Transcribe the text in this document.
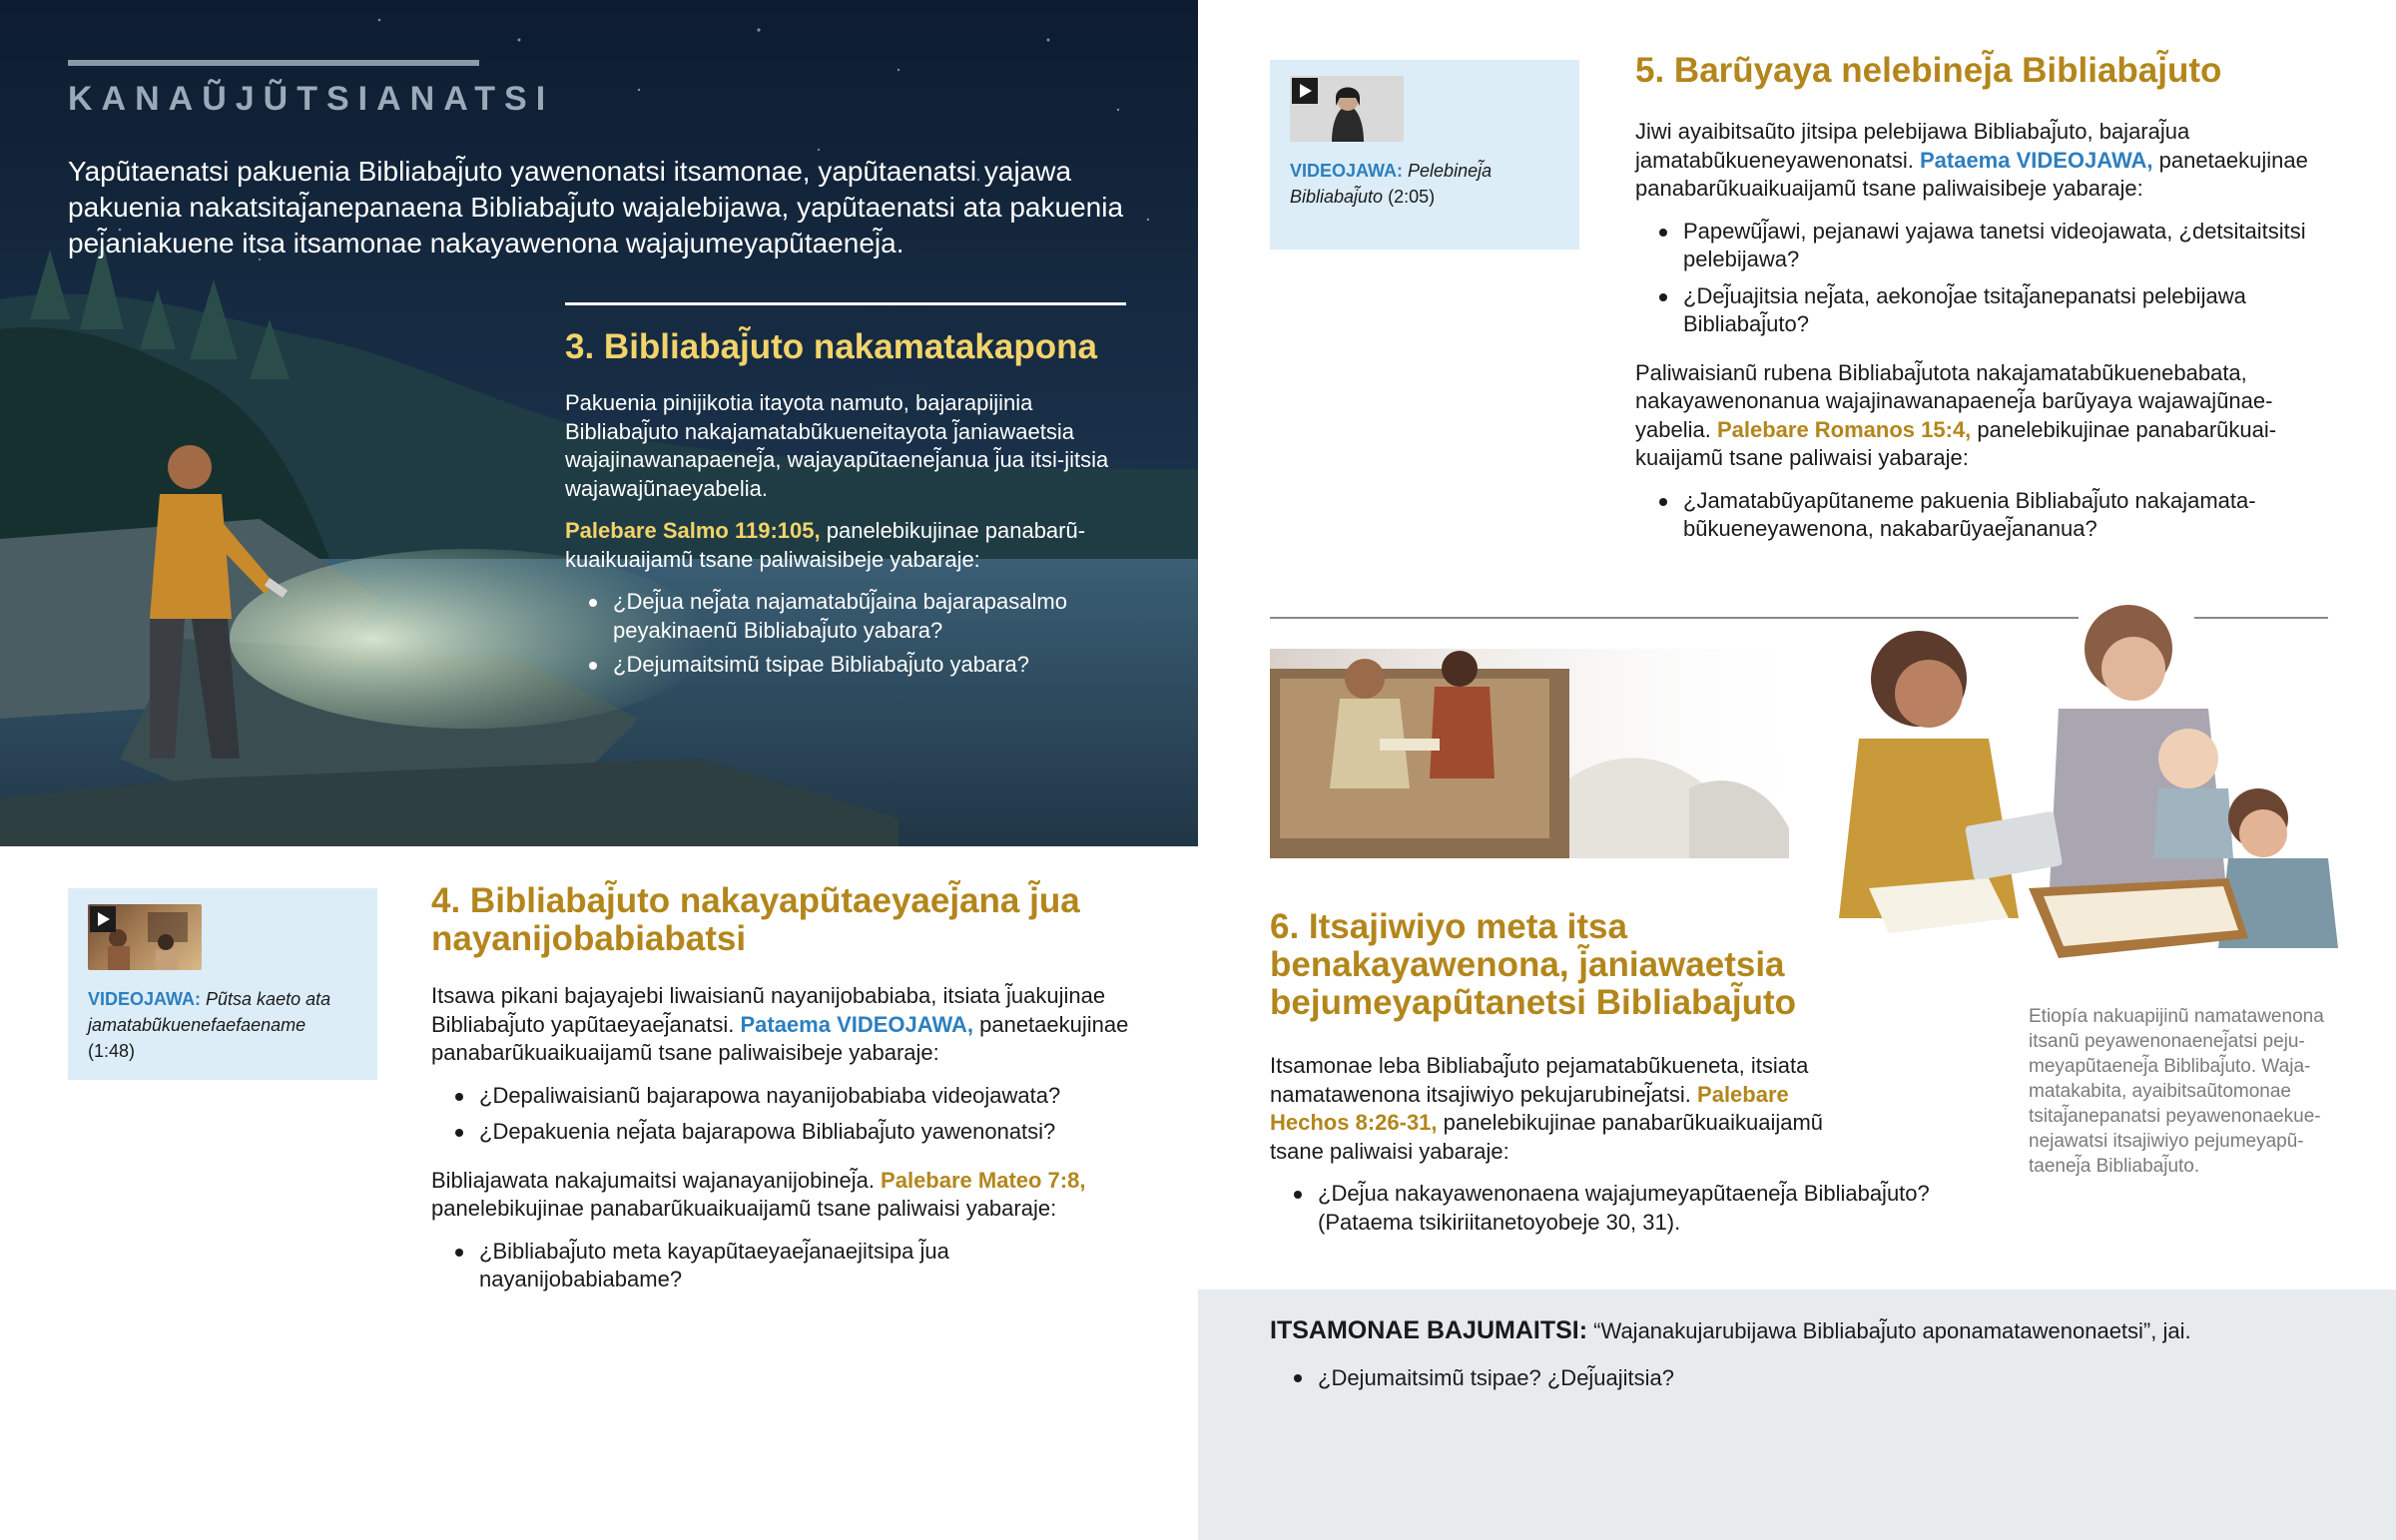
KANAŨJŨTSIANATSI

Yapũtaenatsi pakuenia Bibliabaj̃uto yawenonatsi itsamonae, yapũtaenatsi yajawa pakuenia nakatsitaj̃anepanaena Bibliabaj̃uto wajalebijawa, yapũtaenatsi ata pakuenia pej̃aniakuene itsa itsamonae nakayawenona wajajumeyapũtaenej̃a.

3. Bibliabaj̃uto nakamatakapona

Pakuenia pinijikotia itayota namuto, bajarapijinia Bibliabaj̃uto nakajamatabũkueneitayota j̃aniawaetsia wajajinawanapaenej̃a, wajayapũtaenej̃anua j̃ua itsi-jitsia wajawajũnaeyabelia.

Palebare Salmo 119:105, panelebikujinae panabarũ-kuaikuaijamũ tsane paliwaisibeje yabaraje:

¿Dej̃ua nej̃ata najamatabũj̃aina bajarapasalmo peyakinaenũ Bibliabaj̃uto yabara?
¿Dejumaitsimũ tsipae Bibliabaj̃uto yabara?
VIDEOJAWA: Pũtsa kaeto ata jamatabũkuenefaefaename
(1:48)
4. Bibliabaj̃uto nakayapũtaeyaej̃ana j̃ua nayanijobabiabatsi

Itsawa pikani bajayajebi liwaisianũ nayanijobabiaba, itsiata j̃uakujinae Bibliabaj̃uto yapũtaeyaej̃anatsi. Pataema VIDEOJAWA, panetaekujinae panabarũkuaikuaijamũ tsane paliwaisibeje yabaraje:

¿Depaliwaisianũ bajarapowa nayanijobabiaba videojawata?
¿Depakuenia nej̃ata bajarapowa Bibliabaj̃uto yawenonatsi?

Bibliajawata nakajumaitsi wajanayanijobinej̃a. Palebare Mateo 7:8, panelebikujinae panabarũkuaikuaijamũ tsane paliwaisi yabaraje:

¿Bibliabaj̃uto meta kayapũtaeyaej̃anaejitsipa j̃ua nayanijobabiabame?
VIDEOJAWA: Pelebinej̃a Bibliabaj̃uto (2:05)
5. Barũyaya nelebinej̃a Bibliabaj̃uto

Jiwi ayaibitsaũto jitsipa pelebijawa Bibliabaj̃uto, bajaraj̃ua jamatabũkueneyawenonatsi. Pataema VIDEOJAWA, panetaekujinae panabarũkuaikuaijamũ tsane paliwaisibeje yabaraje:

Papewũj̃awi, pejanawi yajawa tanetsi videojawata, ¿detsitaitsitsi pelebijawa?
¿Dej̃uajitsia nej̃ata, aekonoj̃ae tsitaj̃anepanatsi pelebijawa Bibliabaj̃uto?

Paliwaisianũ rubena Bibliabaj̃utota nakajamatabũkuenebabata, nakayawenonanua wajajinawanapaenej̃a barũyaya wajawajũnae-yabelia. Palebare Romanos 15:4, panelebikujinae panabarũkuai-kuaijamũ tsane paliwaisi yabaraje:

¿Jamatabũyapũtaneme pakuenia Bibliabaj̃uto nakajamata-bũkueneyawenona, nakabarũyaej̃ananua?
6. Itsajiwiyo meta itsa benakayawenona, j̃aniawaetsia bejumeyapũtanetsi Bibliabaj̃uto

Itsamonae leba Bibliabaj̃uto pejamatabũkueneta, itsiata namatawenona itsajiwiyo pekujarubinej̃atsi. Palebare Hechos 8:26-31, panelebikujinae panabarũkuaikuaijamũ tsane paliwaisi yabaraje:

¿Dej̃ua nakayawenonaena wajajumeyapũtaenej̃a Bibliabaj̃uto? (Pataema tsikiriitanetoyobeje 30, 31).

Etiopía nakuapijinũ namatawenona itsanũ peyawenonaenej̃atsi peju-meyapũtaenej̃a Biblibaj̃uto. Waja-matakabita, ayaibitsaũtomonae tsitaj̃anepanatsi peyawenonaekue-nejawatsi itsajiwiyo pejumeyapũ-taenej̃a Bibliabaj̃uto.

ITSAMONAE BAJUMAITSI: “Wajanakujarubijawa Bibliabaj̃uto aponamatawenonaetsi”, jai.
¿Dejumaitsimũ tsipae? ¿Dej̃uajitsia?
